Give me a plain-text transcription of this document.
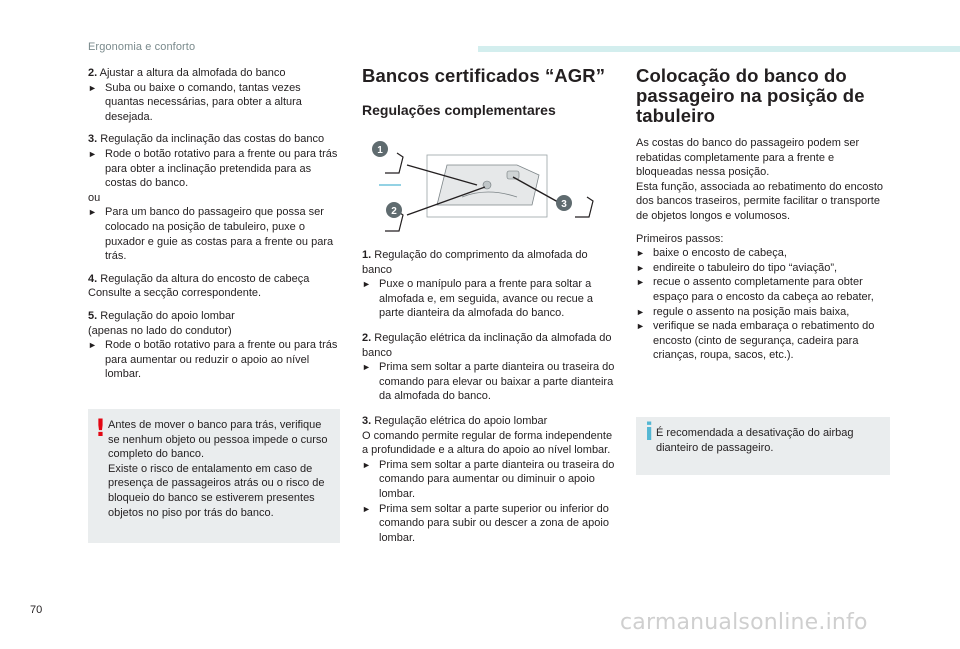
Ergonomia e conforto

2. Ajustar a altura da almofada do banco

► Suba ou baixe o comando, tantas vezes quantas necessárias, para obter a altura desejada.

3. Regulação da inclinação das costas do banco

► Rode o botão rotativo para a frente ou para trás para obter a inclinação pretendida para as costas do banco.

ou

► Para um banco do passageiro que possa ser colocado na posição de tabuleiro, puxe o puxador e guie as costas para a frente ou para trás.

4. Regulação da altura do encosto de cabeça

Consulte a secção correspondente.

5. Regulação do apoio lombar

(apenas no lado do condutor)

► Rode o botão rotativo para a frente ou para trás para aumentar ou reduzir o apoio ao nível lombar.

! Antes de mover o banco para trás, verifique se nenhum objeto ou pessoa impede o curso completo do banco.

Existe o risco de entalamento em caso de presença de passageiros atrás ou o risco de bloqueio do banco se estiverem presentes objetos no piso por trás do banco.

Bancos certificados “AGR”
Regulações complementares
1
2
3

1. Regulação do comprimento da almofada do banco

► Puxe o manípulo para a frente para soltar a almofada e, em seguida, avance ou recue a parte dianteira da almofada do banco.

2. Regulação elétrica da inclinação da almofada do banco

► Prima sem soltar a parte dianteira ou traseira do comando para elevar ou baixar a parte dianteira da almofada do banco.

3. Regulação elétrica do apoio lombar

O comando permite regular de forma independente a profundidade e a altura do apoio ao nível lombar.

► Prima sem soltar a parte dianteira ou traseira do comando para aumentar ou diminuir o apoio lombar.

► Prima sem soltar a parte superior ou inferior do comando para subir ou descer a zona de apoio lombar.

Colocação do banco do passageiro na posição de tabuleiro

As costas do banco do passageiro podem ser rebatidas completamente para a frente e bloqueadas nessa posição.

Esta função, associada ao rebatimento do encosto dos bancos traseiros, permite facilitar o transporte de objetos longos e volumosos.

Primeiros passos:

► baixe o encosto de cabeça,

► endireite o tabuleiro do tipo “aviação”,

► recue o assento completamente para obter espaço para o encosto da cabeça ao rebater,

► regule o assento na posição mais baixa,

► verifique se nada embaraça o rebatimento do encosto (cinto de segurança, cadeira para crianças, roupa, sacos, etc.).

i É recomendada a desativação do airbag dianteiro de passageiro.

70	carmanualsonline.info
